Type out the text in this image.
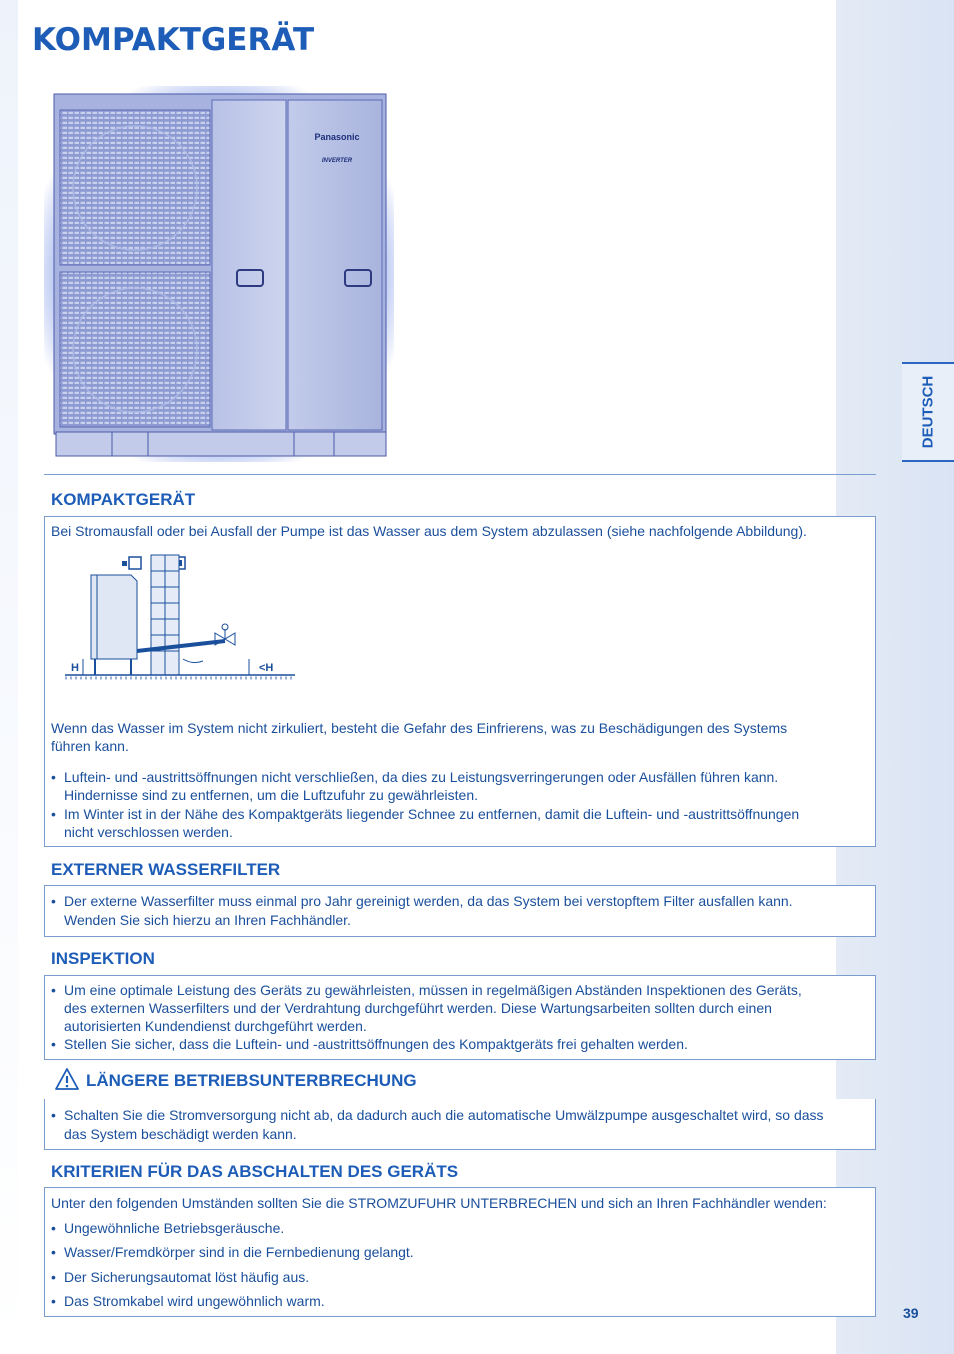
KOMPAKTGERÄT
DEUTSCH
Panasonic
INVERTER
KOMPAKTGERÄT

Bei Stromausfall oder bei Ausfall der Pumpe ist das Wasser aus dem System abzulassen (siehe nachfolgende Abbildung).

H	<H

Wenn das Wasser im System nicht zirkuliert, besteht die Gefahr des Einfrierens, was zu Beschädigungen des Systems

führen kann.

• Luftein- und -austrittsöffnungen nicht verschließen, da dies zu Leistungsverringerungen oder Ausfällen führen kann.

Hindernisse sind zu entfernen, um die Luftzufuhr zu gewährleisten.

• Im Winter ist in der Nähe des Kompaktgeräts liegender Schnee zu entfernen, damit die Luftein- und -austrittsöffnungen

nicht verschlossen werden.

EXTERNER WASSERFILTER
• Der externe Wasserfilter muss einmal pro Jahr gereinigt werden, da das System bei verstopftem Filter ausfallen kann.

Wenden Sie sich hierzu an Ihren Fachhändler.

INSPEKTION
• Um eine optimale Leistung des Geräts zu gewährleisten, müssen in regelmäßigen Abständen Inspektionen des Geräts,

des externen Wasserfilters und der Verdrahtung durchgeführt werden. Diese Wartungsarbeiten sollten durch einen

autorisierten Kundendienst durchgeführt werden.

• Stellen Sie sicher, dass die Luftein- und -austrittsöffnungen des Kompaktgeräts frei gehalten werden.

LÄNGERE BETRIEBSUNTERBRECHUNG
• Schalten Sie die Stromversorgung nicht ab, da dadurch auch die automatische Umwälzpumpe ausgeschaltet wird, so dass

das System beschädigt werden kann.

KRITERIEN FÜR DAS ABSCHALTEN DES GERÄTS

Unter den folgenden Umständen sollten Sie die STROMZUFUHR UNTERBRECHEN und sich an Ihren Fachhändler wenden:

• Ungewöhnliche Betriebsgeräusche.

• Wasser/Fremdkörper sind in die Fernbedienung gelangt.

• Der Sicherungsautomat löst häufig aus.

• Das Stromkabel wird ungewöhnlich warm.

39
